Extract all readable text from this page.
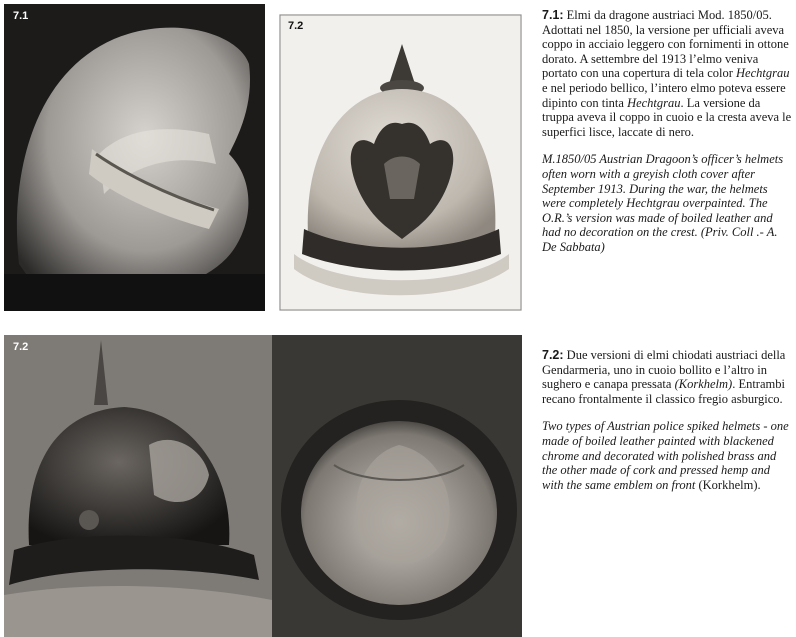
7.1
7.2
7.2
7.1: Elmi da dragone austriaci Mod. 1850/05. Adottati nel 1850, la versione per ufficiali aveva coppo in acciaio leggero con fornimenti in ottone dorato. A settembre del 1913 l’elmo veniva portato con una copertura di tela color Hechtgrau e nel periodo bellico, l’intero elmo poteva essere dipinto con tinta Hechtgrau. La versione da truppa aveva il coppo in cuoio e la cresta aveva le superfici lisce, laccate di nero.
M.1850/05 Austrian Dragoon’s officer’s helmets often worn with a greyish cloth cover after September 1913. During the war, the helmets were completely Hechtgrau overpainted. The O.R.’s version was made of boiled leather and had no decoration on the crest. (Priv. Coll .- A. De Sabbata)
7.2: Due versioni di elmi chiodati austriaci della Gendarmeria, uno in cuoio bollito e l’altro in sughero e canapa pressata (Korkhelm). Entrambi recano frontalmente il classico fregio asburgico.
Two types of Austrian police spiked helmets - one made of boiled leather painted with blackened chrome and decorated with polished brass and the other made of cork and pressed hemp and with the same emblem on front (Korkhelm).
